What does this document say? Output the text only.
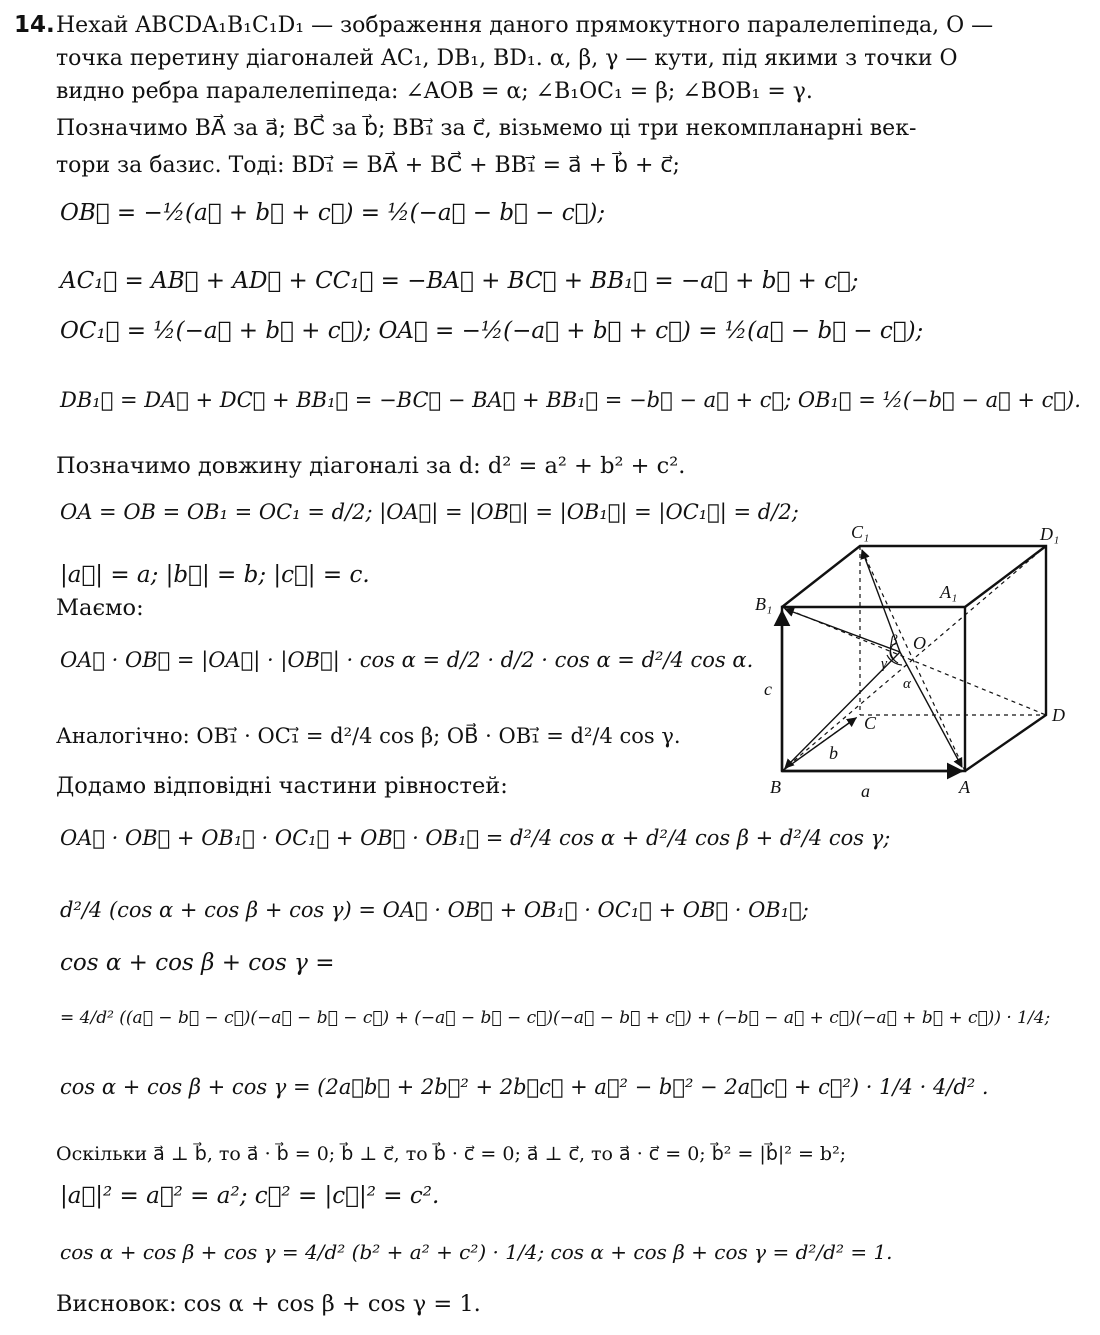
14. Нехай ABCDA₁B₁C₁D₁ — зображення даного прямокутного паралелепіпеда, O —
точка перетину діагоналей AC₁, DB₁, BD₁. α, β, γ — кути, під якими з точки O
видно ребра паралелепіпеда: ∠AOB = α; ∠B₁OC₁ = β; ∠BOB₁ = γ.
Позначимо BA⃗ за a⃗; BC⃗ за b⃗; BB₁⃗ за c⃗, візьмемо ці три некомпланарні век-
тори за базис. Тоді: BD₁⃗ = BA⃗ + BC⃗ + BB₁⃗ = a⃗ + b⃗ + c⃗;
OB⃗ = −½(a⃗ + b⃗ + c⃗) = ½(−a⃗ − b⃗ − c⃗);
AC₁⃗ = AB⃗ + AD⃗ + CC₁⃗ = −BA⃗ + BC⃗ + BB₁⃗ = −a⃗ + b⃗ + c⃗;
OC₁⃗ = ½(−a⃗ + b⃗ + c⃗); OA⃗ = −½(−a⃗ + b⃗ + c⃗) = ½(a⃗ − b⃗ − c⃗);
DB₁⃗ = DA⃗ + DC⃗ + BB₁⃗ = −BC⃗ − BA⃗ + BB₁⃗ = −b⃗ − a⃗ + c⃗; OB₁⃗ = ½(−b⃗ − a⃗ + c⃗).
Позначимо довжину діагоналі за d: d² = a² + b² + c².
OA = OB = OB₁ = OC₁ = d/2; |OA⃗| = |OB⃗| = |OB₁⃗| = |OC₁⃗| = d/2;
|a⃗| = a; |b⃗| = b; |c⃗| = c.
Маємо:
OA⃗ · OB⃗ = |OA⃗| · |OB⃗| · cos α = d/2 · d/2 · cos α = d²/4 cos α.
Аналогічно: OB₁⃗ · OC₁⃗ = d²/4 cos β; OB⃗ · OB₁⃗ = d²/4 cos γ.
Додамо відповідні частини рівностей:
OA⃗ · OB⃗ + OB₁⃗ · OC₁⃗ + OB⃗ · OB₁⃗ = d²/4 cos α + d²/4 cos β + d²/4 cos γ;
d²/4 (cos α + cos β + cos γ) = OA⃗ · OB⃗ + OB₁⃗ · OC₁⃗ + OB⃗ · OB₁⃗;
cos α + cos β + cos γ =
= 4/d² ((a⃗ − b⃗ − c⃗)(−a⃗ − b⃗ − c⃗) + (−a⃗ − b⃗ − c⃗)(−a⃗ − b⃗ + c⃗) + (−b⃗ − a⃗ + c⃗)(−a⃗ + b⃗ + c⃗)) · 1/4;
cos α + cos β + cos γ = (2a⃗b⃗ + 2b⃗² + 2b⃗c⃗ + a⃗² − b⃗² − 2a⃗c⃗ + c⃗²) · 1/4 · 4/d² .
Оскільки a⃗ ⊥ b⃗, то a⃗ · b⃗ = 0; b⃗ ⊥ c⃗, то b⃗ · c⃗ = 0; a⃗ ⊥ c⃗, то a⃗ · c⃗ = 0; b⃗² = |b⃗|² = b²;
|a⃗|² = a⃗² = a²; c⃗² = |c⃗|² = c².
cos α + cos β + cos γ = 4/d² (b² + a² + c²) · 1/4; cos α + cos β + cos γ = d²/d² = 1.
Висновок: cos α + cos β + cos γ = 1.
C₁	D₁
B₁
A₁
O
β
γ
α
C	D
B	A
a⃗
b⃗
c⃗
